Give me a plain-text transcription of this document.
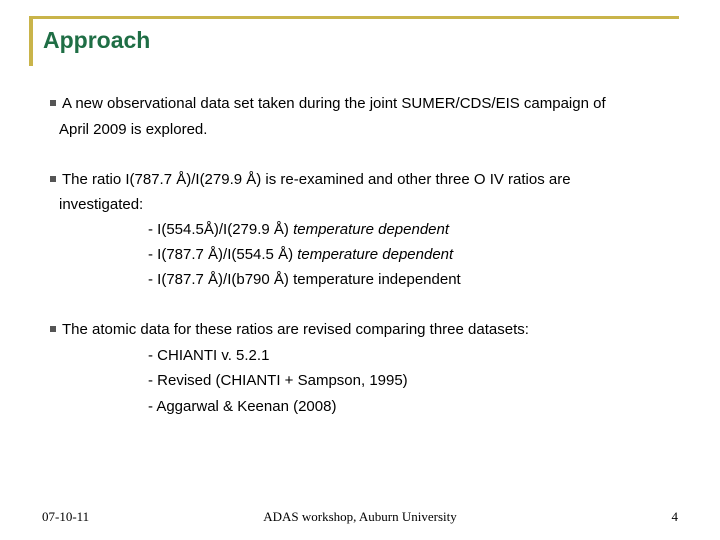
Approach
A new observational data set taken during the joint SUMER/CDS/EIS campaign of
April 2009 is explored.
The ratio I(787.7 Å)/I(279.9 Å) is re-examined and other three O IV ratios are
investigated:
- I(554.5Å)/I(279.9 Å) temperature dependent
- I(787.7 Å)/I(554.5 Å) temperature dependent
- I(787.7 Å)/I(b790 Å) temperature independent
The atomic data for these ratios are revised comparing three datasets:
- CHIANTI v. 5.2.1
- Revised (CHIANTI + Sampson, 1995)
- Aggarwal & Keenan (2008)
07-10-11	ADAS workshop, Auburn University	4
